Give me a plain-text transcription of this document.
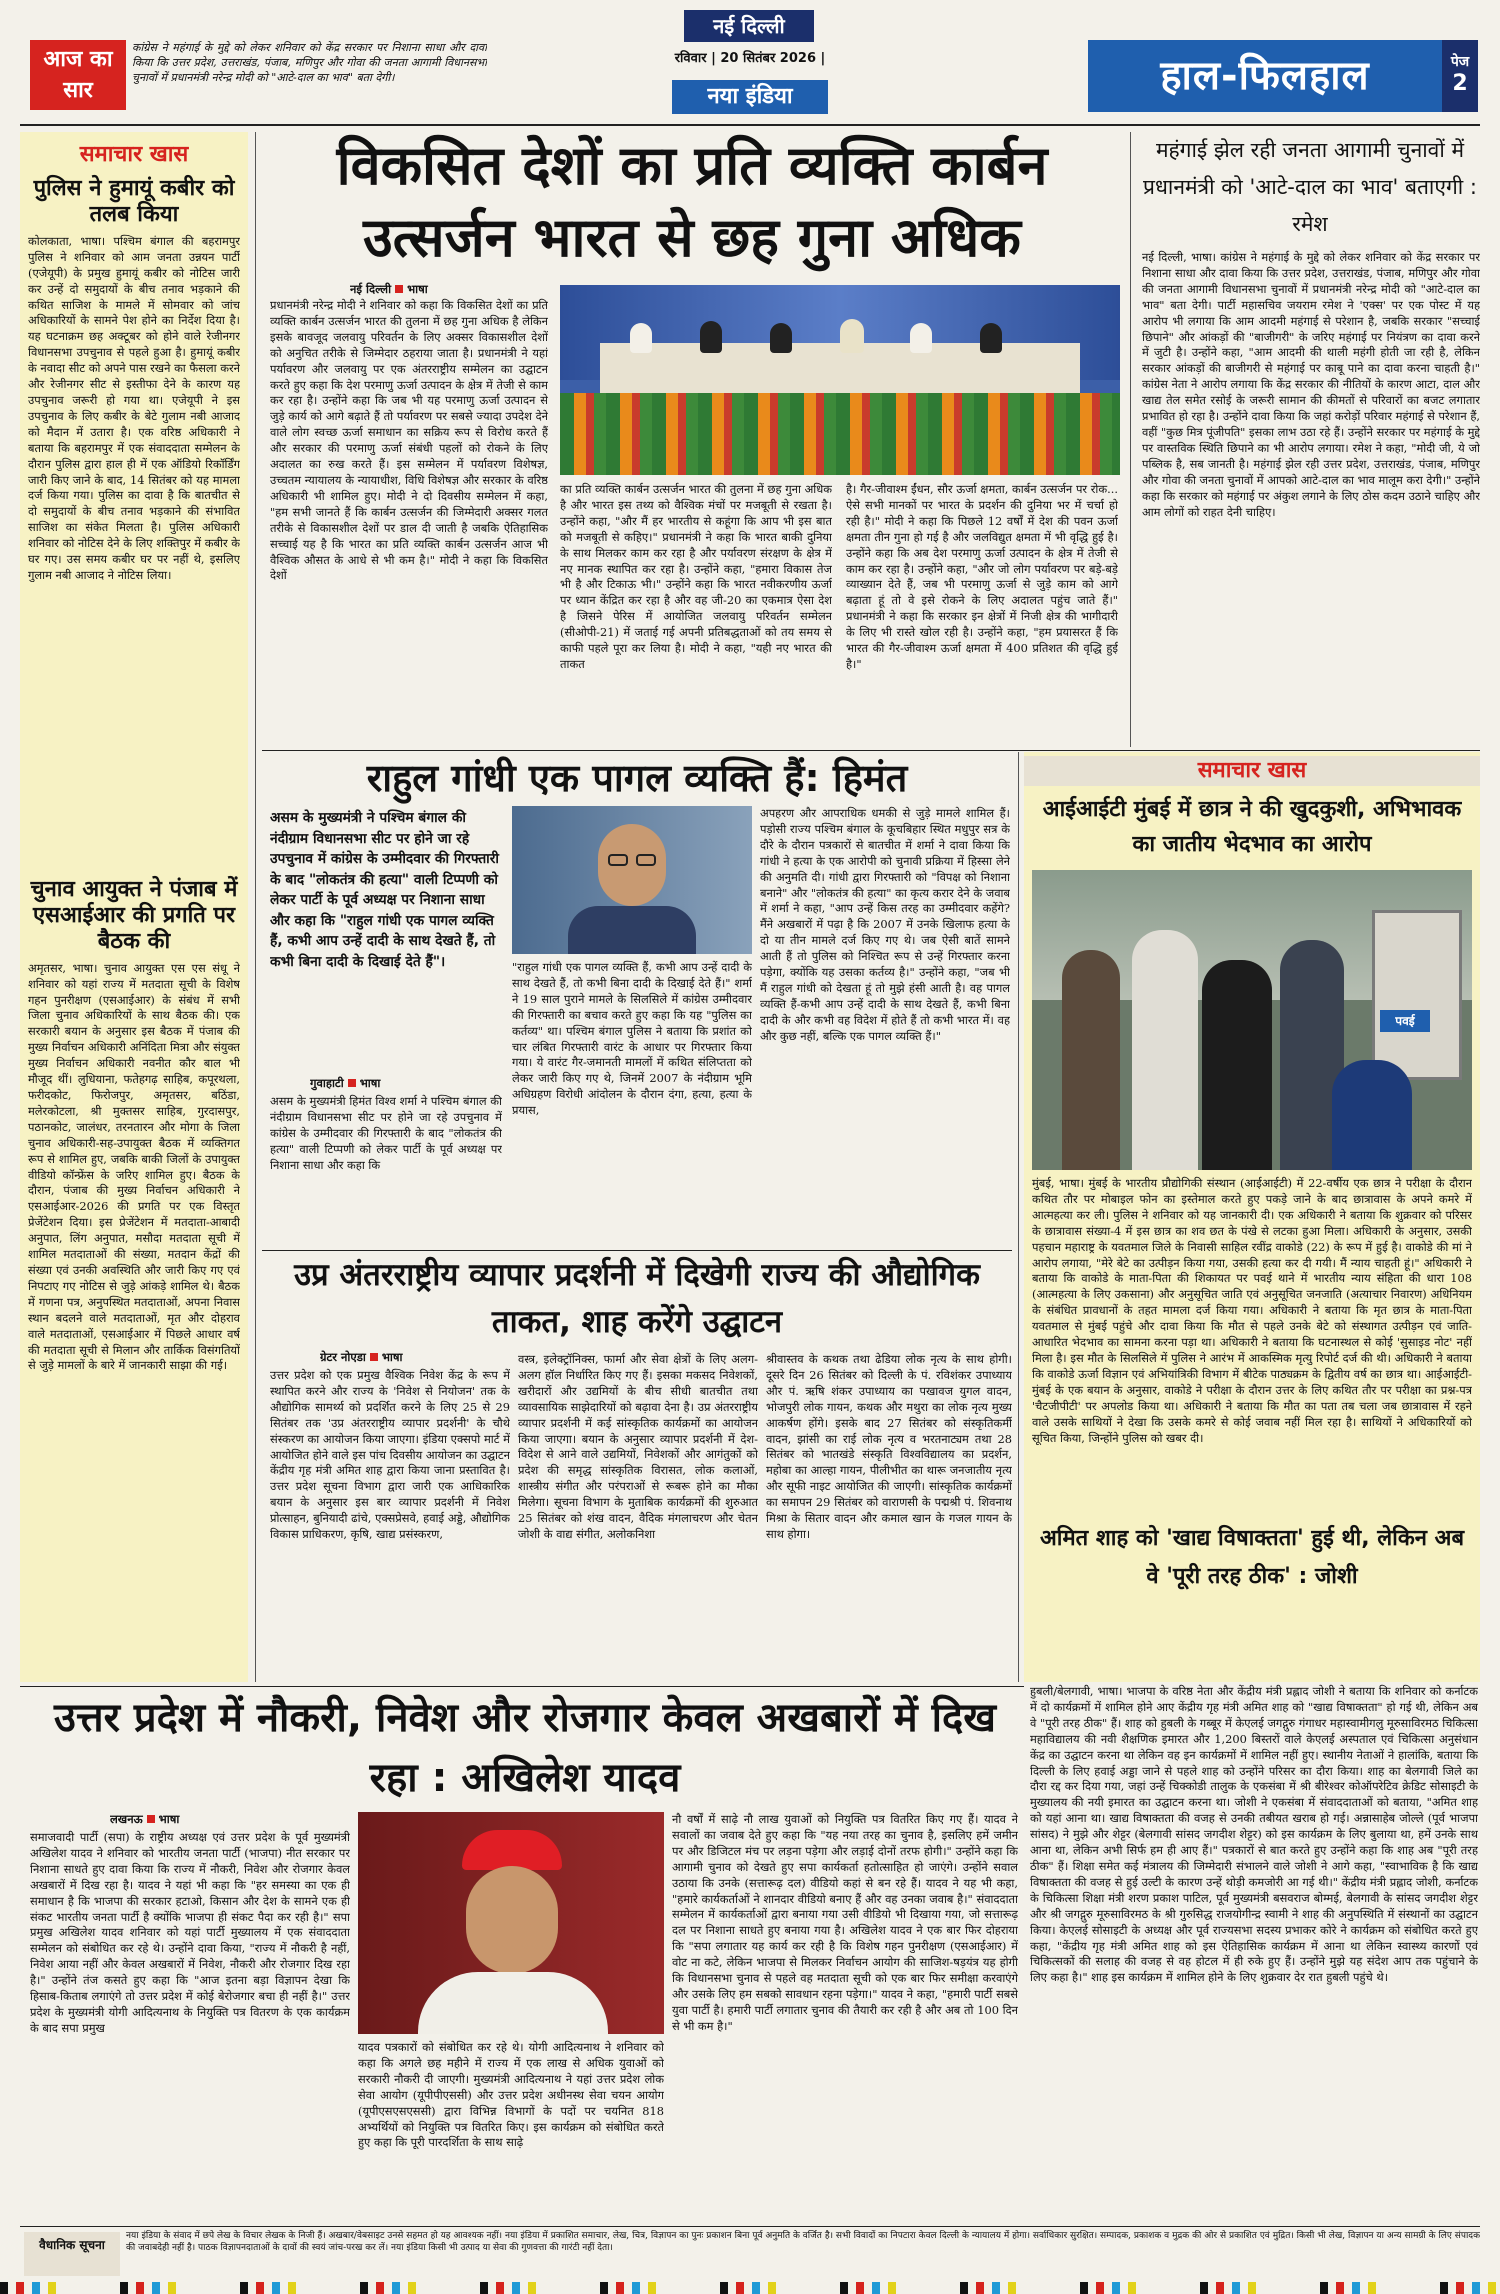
आज का सार
कांग्रेस ने महंगाई के मुद्दे को लेकर शनिवार को केंद्र सरकार पर निशाना साधा और दावा किया कि उत्तर प्रदेश, उत्तराखंड, पंजाब, मणिपुर और गोवा की जनता आगामी विधानसभा चुनावों में प्रधानमंत्री नरेन्द्र मोदी को "आटे-दाल का भाव" बता देगी।
नई दिल्ली
रविवार | 20 सितंबर 2026 |
नया इंडिया	हाल-फिलहाल	पेज
2
समाचार खास
पुलिस ने हुमायूं कबीर को तलब किया
कोलकाता, भाषा। पश्चिम बंगाल की बहरामपुर पुलिस ने शनिवार को आम जनता उन्नयन पार्टी (एजेयूपी) के प्रमुख हुमायूं कबीर को नोटिस जारी कर उन्हें दो समुदायों के बीच तनाव भड़काने की कथित साजिश के मामले में सोमवार को जांच अधिकारियों के सामने पेश होने का निर्देश दिया है। यह घटनाक्रम छह अक्टूबर को होने वाले रेजीनगर विधानसभा उपचुनाव से पहले हुआ है। हुमायूं कबीर के नवादा सीट को अपने पास रखने का फैसला करने और रेजीनगर सीट से इस्तीफा देने के कारण यह उपचुनाव जरूरी हो गया था। एजेयूपी ने इस उपचुनाव के लिए कबीर के बेटे गुलाम नबी आजाद को मैदान में उतारा है। एक वरिष्ठ अधिकारी ने बताया कि बहरामपुर में एक संवाददाता सम्मेलन के दौरान पुलिस द्वारा हाल ही में एक ऑडियो रिकॉर्डिंग जारी किए जाने के बाद, 14 सितंबर को यह मामला दर्ज किया गया। पुलिस का दावा है कि बातचीत से दो समुदायों के बीच तनाव भड़काने की संभावित साजिश का संकेत मिलता है। पुलिस अधिकारी शनिवार को नोटिस देने के लिए शक्तिपुर में कबीर के घर गए। उस समय कबीर घर पर नहीं थे, इसलिए गुलाम नबी आजाद ने नोटिस लिया।
चुनाव आयुक्त ने पंजाब में एसआईआर की प्रगति पर बैठक की
अमृतसर, भाषा। चुनाव आयुक्त एस एस संधू ने शनिवार को यहां राज्य में मतदाता सूची के विशेष गहन पुनरीक्षण (एसआईआर) के संबंध में सभी जिला चुनाव अधिकारियों के साथ बैठक की। एक सरकारी बयान के अनुसार इस बैठक में पंजाब की मुख्य निर्वाचन अधिकारी अनिंदिता मित्रा और संयुक्त मुख्य निर्वाचन अधिकारी नवनीत कौर बाल भी मौजूद थीं। लुधियाना, फतेहगढ़ साहिब, कपूरथला, फरीदकोट, फिरोजपुर, अमृतसर, बठिंडा, मलेरकोटला, श्री मुक्तसर साहिब, गुरदासपुर, पठानकोट, जालंधर, तरनतारन और मोगा के जिला चुनाव अधिकारी-सह-उपायुक्त बैठक में व्यक्तिगत रूप से शामिल हुए, जबकि बाकी जिलों के उपायुक्त वीडियो कॉन्फ्रेंस के जरिए शामिल हुए। बैठक के दौरान, पंजाब की मुख्य निर्वाचन अधिकारी ने एसआईआर-2026 की प्रगति पर एक विस्तृत प्रेजेंटेशन दिया। इस प्रेजेंटेशन में मतदाता-आबादी अनुपात, लिंग अनुपात, मसौदा मतदाता सूची में शामिल मतदाताओं की संख्या, मतदान केंद्रों की संख्या एवं उनकी अवस्थिति और जारी किए गए एवं निपटाए गए नोटिस से जुड़े आंकड़े शामिल थे। बैठक में गणना पत्र, अनुपस्थित मतदाताओं, अपना निवास स्थान बदलने वाले मतदाताओं, मृत और दोहराव वाले मतदाताओं, एसआईआर में पिछले आधार वर्ष की मतदाता सूची से मिलान और तार्किक विसंगतियों से जुड़े मामलों के बारे में जानकारी साझा की गई।
विकसित देशों का प्रति व्यक्ति कार्बन उत्सर्जन भारत से छह गुना अधिक
नई दिल्ली भाषा
प्रधानमंत्री नरेन्द्र मोदी ने शनिवार को कहा कि विकसित देशों का प्रति व्यक्ति कार्बन उत्सर्जन भारत की तुलना में छह गुना अधिक है लेकिन इसके बावजूद जलवायु परिवर्तन के लिए अक्सर विकासशील देशों को अनुचित तरीके से जिम्मेदार ठहराया जाता है। प्रधानमंत्री ने यहां पर्यावरण और जलवायु पर एक अंतरराष्ट्रीय सम्मेलन का उद्घाटन करते हुए कहा कि देश परमाणु ऊर्जा उत्पादन के क्षेत्र में तेजी से काम कर रहा है। उन्होंने कहा कि जब भी यह परमाणु ऊर्जा उत्पादन से जुड़े कार्य को आगे बढ़ाते हैं तो पर्यावरण पर सबसे ज्यादा उपदेश देने वाले लोग स्वच्छ ऊर्जा समाधान का सक्रिय रूप से विरोध करते हैं और सरकार की परमाणु ऊर्जा संबंधी पहलों को रोकने के लिए अदालत का रुख करते हैं। इस सम्मेलन में पर्यावरण विशेषज्ञ, उच्चतम न्यायालय के न्यायाधीश, विधि विशेषज्ञ और सरकार के वरिष्ठ अधिकारी भी शामिल हुए। मोदी ने दो दिवसीय सम्मेलन में कहा, "हम सभी जानते हैं कि कार्बन उत्सर्जन की जिम्मेदारी अक्सर गलत तरीके से विकासशील देशों पर डाल दी जाती है जबकि ऐतिहासिक सच्चाई यह है कि भारत का प्रति व्यक्ति कार्बन उत्सर्जन आज भी वैश्विक औसत के आधे से भी कम है।" मोदी ने कहा कि विकसित देशों
का प्रति व्यक्ति कार्बन उत्सर्जन भारत की तुलना में छह गुना अधिक है और भारत इस तथ्य को वैश्विक मंचों पर मजबूती से रखता है। उन्होंने कहा, "और मैं हर भारतीय से कहूंगा कि आप भी इस बात को मजबूती से कहिए।" प्रधानमंत्री ने कहा कि भारत बाकी दुनिया के साथ मिलकर काम कर रहा है और पर्यावरण संरक्षण के क्षेत्र में नए मानक स्थापित कर रहा है। उन्होंने कहा, "हमारा विकास तेज भी है और टिकाऊ भी।" उन्होंने कहा कि भारत नवीकरणीय ऊर्जा पर ध्यान केंद्रित कर रहा है और वह जी-20 का एकमात्र ऐसा देश है जिसने पेरिस में आयोजित जलवायु परिवर्तन सम्मेलन (सीओपी-21) में जताई गई अपनी प्रतिबद्धताओं को तय समय से काफी पहले पूरा कर लिया है। मोदी ने कहा, "यही नए भारत की ताकत
है। गैर-जीवाश्म ईंधन, सौर ऊर्जा क्षमता, कार्बन उत्सर्जन पर रोक... ऐसे सभी मानकों पर भारत के प्रदर्शन की दुनिया भर में चर्चा हो रही है।" मोदी ने कहा कि पिछले 12 वर्षों में देश की पवन ऊर्जा क्षमता तीन गुना हो गई है और जलविद्युत क्षमता में भी वृद्धि हुई है। उन्होंने कहा कि अब देश परमाणु ऊर्जा उत्पादन के क्षेत्र में तेजी से काम कर रहा है। उन्होंने कहा, "और जो लोग पर्यावरण पर बड़े-बड़े व्याख्यान देते हैं, जब भी परमाणु ऊर्जा से जुड़े काम को आगे बढ़ाता हूं तो वे इसे रोकने के लिए अदालत पहुंच जाते हैं।" प्रधानमंत्री ने कहा कि सरकार इन क्षेत्रों में निजी क्षेत्र की भागीदारी के लिए भी रास्ते खोल रही है। उन्होंने कहा, "हम प्रयासरत हैं कि भारत की गैर-जीवाश्म ऊर्जा क्षमता में 400 प्रतिशत की वृद्धि हुई है।"
महंगाई झेल रही जनता आगामी चुनावों में प्रधानमंत्री को 'आटे-दाल का भाव' बताएगी : रमेश
नई दिल्ली, भाषा। कांग्रेस ने महंगाई के मुद्दे को लेकर शनिवार को केंद्र सरकार पर निशाना साधा और दावा किया कि उत्तर प्रदेश, उत्तराखंड, पंजाब, मणिपुर और गोवा की जनता आगामी विधानसभा चुनावों में प्रधानमंत्री नरेन्द्र मोदी को "आटे-दाल का भाव" बता देगी। पार्टी महासचिव जयराम रमेश ने 'एक्स' पर एक पोस्ट में यह आरोप भी लगाया कि आम आदमी महंगाई से परेशान है, जबकि सरकार "सच्चाई छिपाने" और आंकड़ों की "बाजीगरी" के जरिए महंगाई पर नियंत्रण का दावा करने में जुटी है। उन्होंने कहा, "आम आदमी की थाली महंगी होती जा रही है, लेकिन सरकार आंकड़ों की बाजीगरी से महंगाई पर काबू पाने का दावा करना चाहती है।" कांग्रेस नेता ने आरोप लगाया कि केंद्र सरकार की नीतियों के कारण आटा, दाल और खाद्य तेल समेत रसोई के जरूरी सामान की कीमतों से परिवारों का बजट लगातार प्रभावित हो रहा है। उन्होंने दावा किया कि जहां करोड़ों परिवार महंगाई से परेशान हैं, वहीं "कुछ मित्र पूंजीपति" इसका लाभ उठा रहे हैं। उन्होंने सरकार पर महंगाई के मुद्दे पर वास्तविक स्थिति छिपाने का भी आरोप लगाया। रमेश ने कहा, "मोदी जी, ये जो पब्लिक है, सब जानती है। महंगाई झेल रही उत्तर प्रदेश, उत्तराखंड, पंजाब, मणिपुर और गोवा की जनता चुनावों में आपको आटे-दाल का भाव मालूम करा देगी।" उन्होंने कहा कि सरकार को महंगाई पर अंकुश लगाने के लिए ठोस कदम उठाने चाहिए और आम लोगों को राहत देनी चाहिए।
राहुल गांधी एक पागल व्यक्ति हैं: हिमंत
असम के मुख्यमंत्री ने पश्चिम बंगाल की नंदीग्राम विधानसभा सीट पर होने जा रहे उपचुनाव में कांग्रेस के उम्मीदवार की गिरफ्तारी के बाद "लोकतंत्र की हत्या" वाली टिप्पणी को लेकर पार्टी के पूर्व अध्यक्ष पर निशाना साधा और कहा कि "राहुल गांधी एक पागल व्यक्ति हैं, कभी आप उन्हें दादी के साथ देखते हैं, तो कभी बिना दादी के दिखाई देते हैं"।	"राहुल गांधी एक पागल व्यक्ति हैं, कभी आप उन्हें दादी के साथ देखते हैं, तो कभी बिना दादी के दिखाई देते हैं।" शर्मा ने 19 साल पुराने मामले के सिलसिले में कांग्रेस उम्मीदवार की गिरफ्तारी का बचाव करते हुए कहा कि यह "पुलिस का कर्तव्य" था। पश्चिम बंगाल पुलिस ने बताया कि प्रशांत को चार लंबित गिरफ्तारी वारंट के आधार पर गिरफ्तार किया गया। ये वारंट गैर-जमानती मामलों में कथित संलिप्तता को लेकर जारी किए गए थे, जिनमें 2007 के नंदीग्राम भूमि अधिग्रहण विरोधी आंदोलन के दौरान दंगा, हत्या, हत्या के प्रयास,
गुवाहाटी भाषा
असम के मुख्यमंत्री हिमंत विश्व शर्मा ने पश्चिम बंगाल की नंदीग्राम विधानसभा सीट पर होने जा रहे उपचुनाव में कांग्रेस के उम्मीदवार की गिरफ्तारी के बाद "लोकतंत्र की हत्या" वाली टिप्पणी को लेकर पार्टी के पूर्व अध्यक्ष पर निशाना साधा और कहा कि
अपहरण और आपराधिक धमकी से जुड़े मामले शामिल हैं। पड़ोसी राज्य पश्चिम बंगाल के कूचबिहार स्थित मधुपुर सत्र के दौरे के दौरान पत्रकारों से बातचीत में शर्मा ने दावा किया कि गांधी ने हत्या के एक आरोपी को चुनावी प्रक्रिया में हिस्सा लेने की अनुमति दी। गांधी द्वारा गिरफ्तारी को "विपक्ष को निशाना बनाने" और "लोकतंत्र की हत्या" का कृत्य करार देने के जवाब में शर्मा ने कहा, "आप उन्हें किस तरह का उम्मीदवार कहेंगे? मैंने अखबारों में पढ़ा है कि 2007 में उनके खिलाफ हत्या के दो या तीन मामले दर्ज किए गए थे। जब ऐसी बातें सामने आती हैं तो पुलिस को निश्चित रूप से उन्हें गिरफ्तार करना पड़ेगा, क्योंकि यह उसका कर्तव्य है।" उन्होंने कहा, "जब भी मैं राहुल गांधी को देखता हूं तो मुझे हंसी आती है। वह पागल व्यक्ति हैं-कभी आप उन्हें दादी के साथ देखते हैं, कभी बिना दादी के और कभी वह विदेश में होते हैं तो कभी भारत में। वह और कुछ नहीं, बल्कि एक पागल व्यक्ति हैं।"
समाचार खास
आईआईटी मुंबई में छात्र ने की खुदकुशी, अभिभावक का जातीय भेदभाव का आरोप
पवई
मुंबई, भाषा। मुंबई के भारतीय प्रौद्योगिकी संस्थान (आईआईटी) में 22-वर्षीय एक छात्र ने परीक्षा के दौरान कथित तौर पर मोबाइल फोन का इस्तेमाल करते हुए पकड़े जाने के बाद छात्रावास के अपने कमरे में आत्महत्या कर ली। पुलिस ने शनिवार को यह जानकारी दी। एक अधिकारी ने बताया कि शुक्रवार को परिसर के छात्रावास संख्या-4 में इस छात्र का शव छत के पंखे से लटका हुआ मिला। अधिकारी के अनुसार, उसकी पहचान महाराष्ट्र के यवतमाल जिले के निवासी साहिल रवींद्र वाकोडे (22) के रूप में हुई है। वाकोडे की मां ने आरोप लगाया, "मेरे बेटे का उत्पीड़न किया गया, उसकी हत्या कर दी गयी। मैं न्याय चाहती हूं।" अधिकारी ने बताया कि वाकोडे के माता-पिता की शिकायत पर पवई थाने में भारतीय न्याय संहिता की धारा 108 (आत्महत्या के लिए उकसाना) और अनुसूचित जाति एवं अनुसूचित जनजाति (अत्याचार निवारण) अधिनियम के संबंधित प्रावधानों के तहत मामला दर्ज किया गया। अधिकारी ने बताया कि मृत छात्र के माता-पिता यवतमाल से मुंबई पहुंचे और दावा किया कि मौत से पहले उनके बेटे को संस्थागत उत्पीड़न एवं जाति-आधारित भेदभाव का सामना करना पड़ा था। अधिकारी ने बताया कि घटनास्थल से कोई 'सुसाइड नोट' नहीं मिला है। इस मौत के सिलसिले में पुलिस ने आरंभ में आकस्मिक मृत्यु रिपोर्ट दर्ज की थी। अधिकारी ने बताया कि वाकोडे ऊर्जा विज्ञान एवं अभियांत्रिकी विभाग में बीटेक पाठ्यक्रम के द्वितीय वर्ष का छात्र था। आईआईटी-मुंबई के एक बयान के अनुसार, वाकोडे ने परीक्षा के दौरान उत्तर के लिए कथित तौर पर परीक्षा का प्रश्न-पत्र 'चैटजीपीटी' पर अपलोड किया था। अधिकारी ने बताया कि मौत का पता तब चला जब छात्रावास में रहने वाले उसके साथियों ने देखा कि उसके कमरे से कोई जवाब नहीं मिल रहा है। साथियों ने अधिकारियों को सूचित किया, जिन्होंने पुलिस को खबर दी।
अमित शाह को 'खाद्य विषाक्तता' हुई थी, लेकिन अब वे 'पूरी तरह ठीक' : जोशी
हुबली/बेलगावी, भाषा। भाजपा के वरिष्ठ नेता और केंद्रीय मंत्री प्रह्लाद जोशी ने बताया कि शनिवार को कर्नाटक में दो कार्यक्रमों में शामिल होने आए केंद्रीय गृह मंत्री अमित शाह को "खाद्य विषाक्तता" हो गई थी, लेकिन अब वे "पूरी तरह ठीक" हैं। शाह को हुबली के गब्बूर में केएलई जगद्गुरु गंगाधर महास्वामीगलु मूरुसाविरमठ चिकित्सा महाविद्यालय की नवी शैक्षणिक इमारत और 1,200 बिस्तरों वाले केएलई अस्पताल एवं चिकित्सा अनुसंधान केंद्र का उद्घाटन करना था लेकिन वह इन कार्यक्रमों में शामिल नहीं हुए। स्थानीय नेताओं ने हालांकि, बताया कि दिल्ली के लिए हवाई अड्डा जाने से पहले शाह को उन्होंने परिसर का दौरा किया। शाह का बेलगावी जिले का दौरा रद्द कर दिया गया, जहां उन्हें चिक्कोडी तालुक के एकसंबा में श्री बीरेश्वर कोऑपरेटिव क्रेडिट सोसाइटी के मुख्यालय की नयी इमारत का उद्घाटन करना था। जोशी ने एकसंबा में संवाददाताओं को बताया, "अमित शाह को यहां आना था। खाद्य विषाक्तता की वजह से उनकी तबीयत खराब हो गई। अन्नासाहेब जोल्ले (पूर्व भाजपा सांसद) ने मुझे और शेट्टर (बेलगावी सांसद जगदीश शेट्टर) को इस कार्यक्रम के लिए बुलाया था, हमें उनके साथ आना था, लेकिन अभी सिर्फ हम ही आए हैं।" पत्रकारों से बात करते हुए उन्होंने कहा कि शाह अब "पूरी तरह ठीक" हैं। शिक्षा समेत कई मंत्रालय की जिम्मेदारी संभालने वाले जोशी ने आगे कहा, "स्वाभाविक है कि खाद्य विषाक्तता की वजह से हुई उल्टी के कारण उन्हें थोड़ी कमजोरी आ गई थी।" केंद्रीय मंत्री प्रह्लाद जोशी, कर्नाटक के चिकित्सा शिक्षा मंत्री शरण प्रकाश पाटिल, पूर्व मुख्यमंत्री बसवराज बोम्मई, बेलगावी के सांसद जगदीश शेट्टर और श्री जगद्गुरु मूरुसाविरमठ के श्री गुरुसिद्ध राजयोगीन्द्र स्वामी ने शाह की अनुपस्थिति में संस्थानों का उद्घाटन किया। केएलई सोसाइटी के अध्यक्ष और पूर्व राज्यसभा सदस्य प्रभाकर कोरे ने कार्यक्रम को संबोधित करते हुए कहा, "केंद्रीय गृह मंत्री अमित शाह को इस ऐतिहासिक कार्यक्रम में आना था लेकिन स्वास्थ्य कारणों एवं चिकित्सकों की सलाह की वजह से वह होटल में ही रुके हुए हैं। उन्होंने मुझे यह संदेश आप तक पहुंचाने के लिए कहा है।" शाह इस कार्यक्रम में शामिल होने के लिए शुक्रवार देर रात हुबली पहुंचे थे।
उप्र अंतरराष्ट्रीय व्यापार प्रदर्शनी में दिखेगी राज्य की औद्योगिक ताकत, शाह करेंगे उद्घाटन
ग्रेटर नोएडा भाषा
उत्तर प्रदेश को एक प्रमुख वैश्विक निवेश केंद्र के रूप में स्थापित करने और राज्य के 'निवेश से नियोजन' तक के औद्योगिक सामर्थ्य को प्रदर्शित करने के लिए 25 से 29 सितंबर तक 'उप्र अंतरराष्ट्रीय व्यापार प्रदर्शनी' के चौथे संस्करण का आयोजन किया जाएगा। इंडिया एक्सपो मार्ट में आयोजित होने वाले इस पांच दिवसीय आयोजन का उद्घाटन केंद्रीय गृह मंत्री अमित शाह द्वारा किया जाना प्रस्तावित है। उत्तर प्रदेश सूचना विभाग द्वारा जारी एक आधिकारिक बयान के अनुसार इस बार व्यापार प्रदर्शनी में निवेश प्रोत्साहन, बुनियादी ढांचे, एक्सप्रेसवे, हवाई अड्डे, औद्योगिक विकास प्राधिकरण, कृषि, खाद्य प्रसंस्करण,
वस्त्र, इलेक्ट्रॉनिक्स, फार्मा और सेवा क्षेत्रों के लिए अलग-अलग हॉल निर्धारित किए गए हैं। इसका मकसद निवेशकों, खरीदारों और उद्यमियों के बीच सीधी बातचीत तथा व्यावसायिक साझेदारियों को बढ़ावा देना है। उप्र अंतरराष्ट्रीय व्यापार प्रदर्शनी में कई सांस्कृतिक कार्यक्रमों का आयोजन किया जाएगा। बयान के अनुसार व्यापार प्रदर्शनी में देश-विदेश से आने वाले उद्यमियों, निवेशकों और आगंतुकों को प्रदेश की समृद्ध सांस्कृतिक विरासत, लोक कलाओं, शास्त्रीय संगीत और परंपराओं से रूबरू होने का मौका मिलेगा। सूचना विभाग के मुताबिक कार्यक्रमों की शुरुआत 25 सितंबर को शंख वादन, वैदिक मंगलाचरण और चेतन जोशी के वाद्य संगीत, अलोकनिशा
श्रीवास्तव के कथक तथा ढेडिया लोक नृत्य के साथ होगी। दूसरे दिन 26 सितंबर को दिल्ली के पं. रविशंकर उपाध्याय और पं. ऋषि शंकर उपाध्याय का पखावज युगल वादन, भोजपुरी लोक गायन, कथक और मथुरा का लोक नृत्य मुख्य आकर्षण होंगे। इसके बाद 27 सितंबर को संस्कृतिकर्मी वादन, झांसी का राई लोक नृत्य व भरतनाट्यम तथा 28 सितंबर को भातखंडे संस्कृति विश्वविद्यालय का प्रदर्शन, महोबा का आल्हा गायन, पीलीभीत का थारू जनजातीय नृत्य और सूफी नाइट आयोजित की जाएगी। सांस्कृतिक कार्यक्रमों का समापन 29 सितंबर को वाराणसी के पद्मश्री पं. शिवनाथ मिश्रा के सितार वादन और कमाल खान के गजल गायन के साथ होगा।
उत्तर प्रदेश में नौकरी, निवेश और रोजगार केवल अखबारों में दिख रहा : अखिलेश यादव
लखनऊ भाषा
समाजवादी पार्टी (सपा) के राष्ट्रीय अध्यक्ष एवं उत्तर प्रदेश के पूर्व मुख्यमंत्री अखिलेश यादव ने शनिवार को भारतीय जनता पार्टी (भाजपा) नीत सरकार पर निशाना साधते हुए दावा किया कि राज्य में नौकरी, निवेश और रोजगार केवल अखबारों में दिख रहा है। यादव ने यहां भी कहा कि "हर समस्या का एक ही समाधान है कि भाजपा की सरकार हटाओ, किसान और देश के सामने एक ही संकट भारतीय जनता पार्टी है क्योंकि भाजपा ही संकट पैदा कर रही है।" सपा प्रमुख अखिलेश यादव शनिवार को यहां पार्टी मुख्यालय में एक संवाददाता सम्मेलन को संबोधित कर रहे थे। उन्होंने दावा किया, "राज्य में नौकरी है नहीं, निवेश आया नहीं और केवल अखबारों में निवेश, नौकरी और रोजगार दिख रहा है।" उन्होंने तंज कसते हुए कहा कि "आज इतना बड़ा विज्ञापन देखा कि हिसाब-किताब लगाएंगे तो उत्तर प्रदेश में कोई बेरोजगार बचा ही नहीं है।" उत्तर प्रदेश के मुख्यमंत्री योगी आदित्यनाथ के नियुक्ति पत्र वितरण के एक कार्यक्रम के बाद सपा प्रमुख
यादव पत्रकारों को संबोधित कर रहे थे। योगी आदित्यनाथ ने शनिवार को कहा कि अगले छह महीने में राज्य में एक लाख से अधिक युवाओं को सरकारी नौकरी दी जाएगी। मुख्यमंत्री आदित्यनाथ ने यहां उत्तर प्रदेश लोक सेवा आयोग (यूपीपीएससी) और उत्तर प्रदेश अधीनस्थ सेवा चयन आयोग (यूपीएसएसएससी) द्वारा विभिन्न विभागों के पदों पर चयनित 818 अभ्यर्थियों को नियुक्ति पत्र वितरित किए। इस कार्यक्रम को संबोधित करते हुए कहा कि पूरी पारदर्शिता के साथ साढ़े
नौ वर्षों में साढ़े नौ लाख युवाओं को नियुक्ति पत्र वितरित किए गए हैं। यादव ने सवालों का जवाब देते हुए कहा कि "यह नया तरह का चुनाव है, इसलिए हमें जमीन पर और डिजिटल मंच पर लड़ना पड़ेगा और लड़ाई दोनों तरफ होगी।" उन्होंने कहा कि आगामी चुनाव को देखते हुए सपा कार्यकर्ता हतोत्साहित हो जाएंगे। उन्होंने सवाल उठाया कि उनके (सत्तारूढ़ दल) वीडियो कहां से बन रहे हैं। यादव ने यह भी कहा, "हमारे कार्यकर्ताओं ने शानदार वीडियो बनाए हैं और वह उनका जवाब है।" संवाददाता सम्मेलन में कार्यकर्ताओं द्वारा बनाया गया उसी वीडियो भी दिखाया गया, जो सत्तारूढ़ दल पर निशाना साधते हुए बनाया गया है। अखिलेश यादव ने एक बार फिर दोहराया कि "सपा लगातार यह कार्य कर रही है कि विशेष गहन पुनरीक्षण (एसआईआर) में वोट ना कटे, लेकिन भाजपा से मिलकर निर्वाचन आयोग की साजिश-षड़यंत्र यह होगी कि विधानसभा चुनाव से पहले वह मतदाता सूची को एक बार फिर समीक्षा करवाएंगे और उसके लिए हम सबको सावधान रहना पड़ेगा।" यादव ने कहा, "हमारी पार्टी सबसे युवा पार्टी है। हमारी पार्टी लगातार चुनाव की तैयारी कर रही है और अब तो 100 दिन से भी कम है।"
वैधानिक सूचना
नया इंडिया के संवाद में छपे लेख के विचार लेखक के निजी हैं। अखबार/वेबसाइट उनसे सहमत हो यह आवश्यक नहीं। नया इंडिया में प्रकाशित समाचार, लेख, चित्र, विज्ञापन का पुनः प्रकाशन बिना पूर्व अनुमति के वर्जित है। सभी विवादों का निपटारा केवल दिल्ली के न्यायालय में होगा। सर्वाधिकार सुरक्षित। सम्पादक, प्रकाशक व मुद्रक की ओर से प्रकाशित एवं मुद्रित। किसी भी लेख, विज्ञापन या अन्य सामग्री के लिए संपादक की जवाबदेही नहीं है। पाठक विज्ञापनदाताओं के दावों की स्वयं जांच-परख कर लें। नया इंडिया किसी भी उत्पाद या सेवा की गुणवत्ता की गारंटी नहीं देता।
